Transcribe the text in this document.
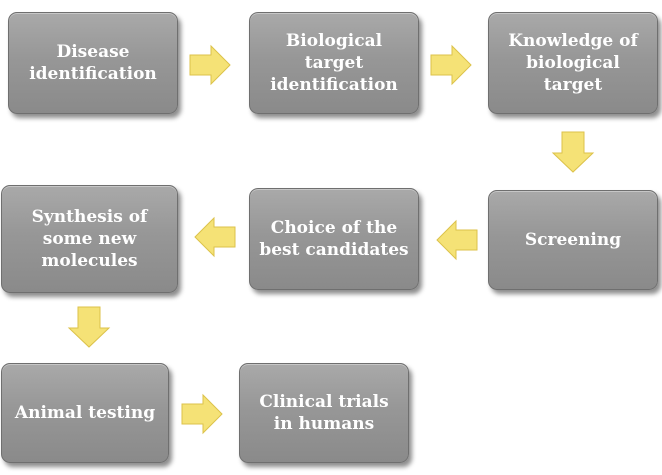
Disease
identification
Biological
target
identification
Knowledge of
biological
target
Screening
Choice of the
best candidates
Synthesis of
some new
molecules
Animal testing
Clinical trials
in humans
